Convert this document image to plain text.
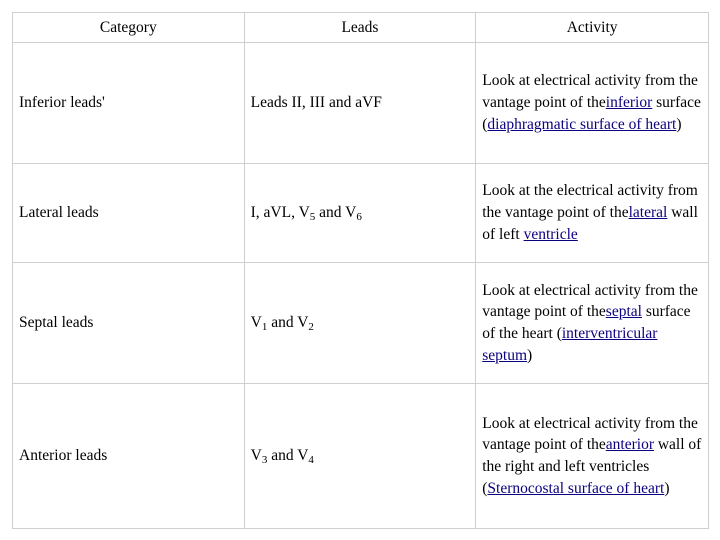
Category	Leads	Activity
Inferior leads'	Leads II, III and aVF	Look at electrical activity from the vantage point of theinferior surface (diaphragmatic surface of heart)
Lateral leads	I, aVL, $V_5$ and $V_6$	Look at the electrical activity from the vantage point of thelateral wall of left ventricle
Septal leads	$V_1$ and $V_2$	Look at electrical activity from the vantage point of theseptal surface of the heart (interventricular septum)
Anterior leads	$V_3$ and $V_4$	Look at electrical activity from the vantage point of theanterior wall of the right and left ventricles (Sternocostal surface of heart)
